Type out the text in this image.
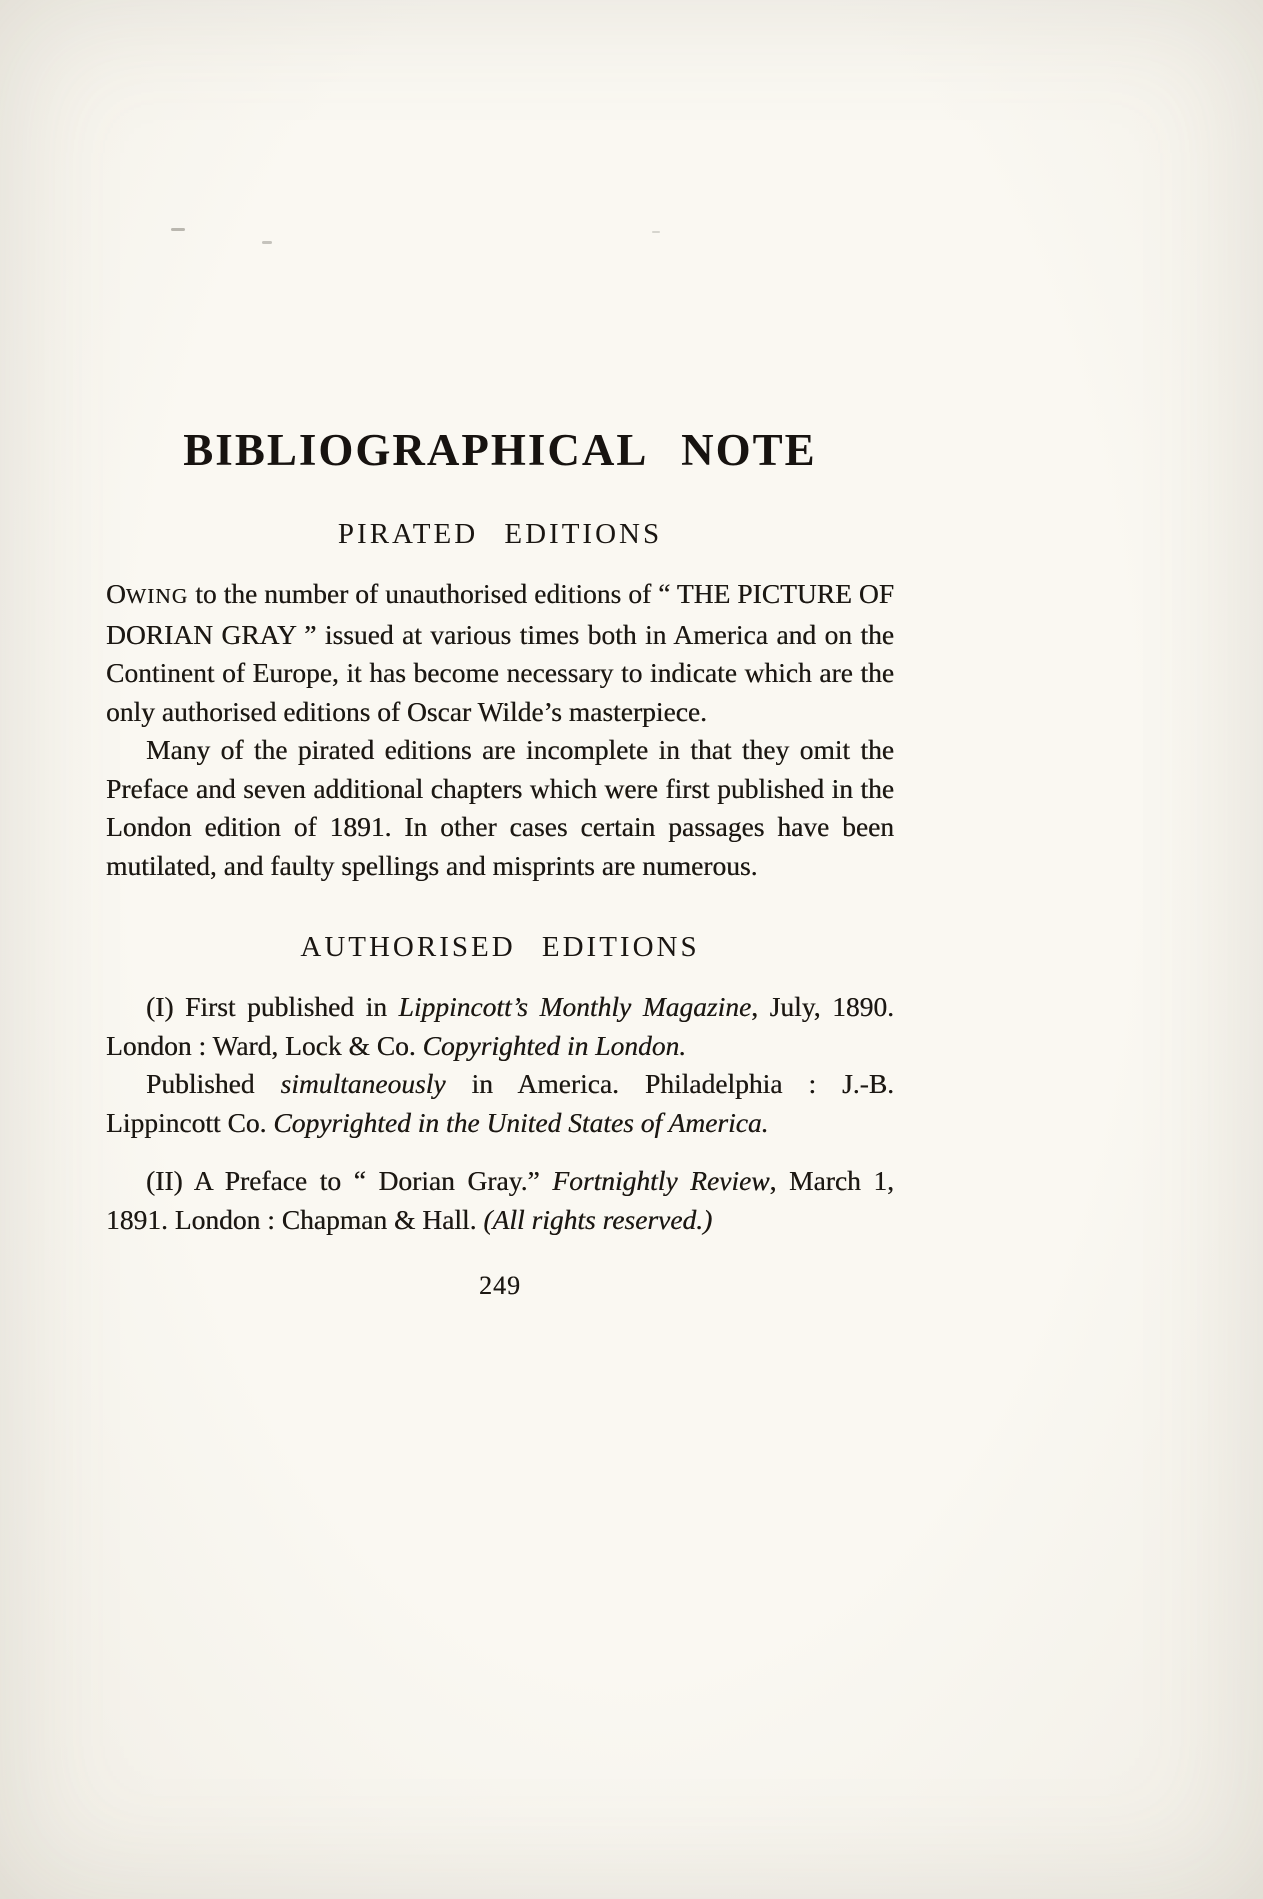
BIBLIOGRAPHICAL NOTE
PIRATED EDITIONS

OWING to the number of unauthorised editions of “ THE PICTURE OF DORIAN GRAY ” issued at various times both in America and on the Continent of Europe, it has become necessary to indicate which are the only authorised editions of Oscar Wilde’s masterpiece.

Many of the pirated editions are incomplete in that they omit the Preface and seven additional chapters which were first published in the London edition of 1891. In other cases certain passages have been mutilated, and faulty spellings and misprints are numerous.

AUTHORISED EDITIONS

(I) First published in Lippincott’s Monthly Magazine, July, 1890. London : Ward, Lock & Co. Copyrighted in London.

Published simultaneously in America. Philadelphia : J.-B. Lippincott Co. Copyrighted in the United States of America.

(II) A Preface to “ Dorian Gray.” Fortnightly Review, March 1, 1891. London : Chapman & Hall. (All rights reserved.)

249
